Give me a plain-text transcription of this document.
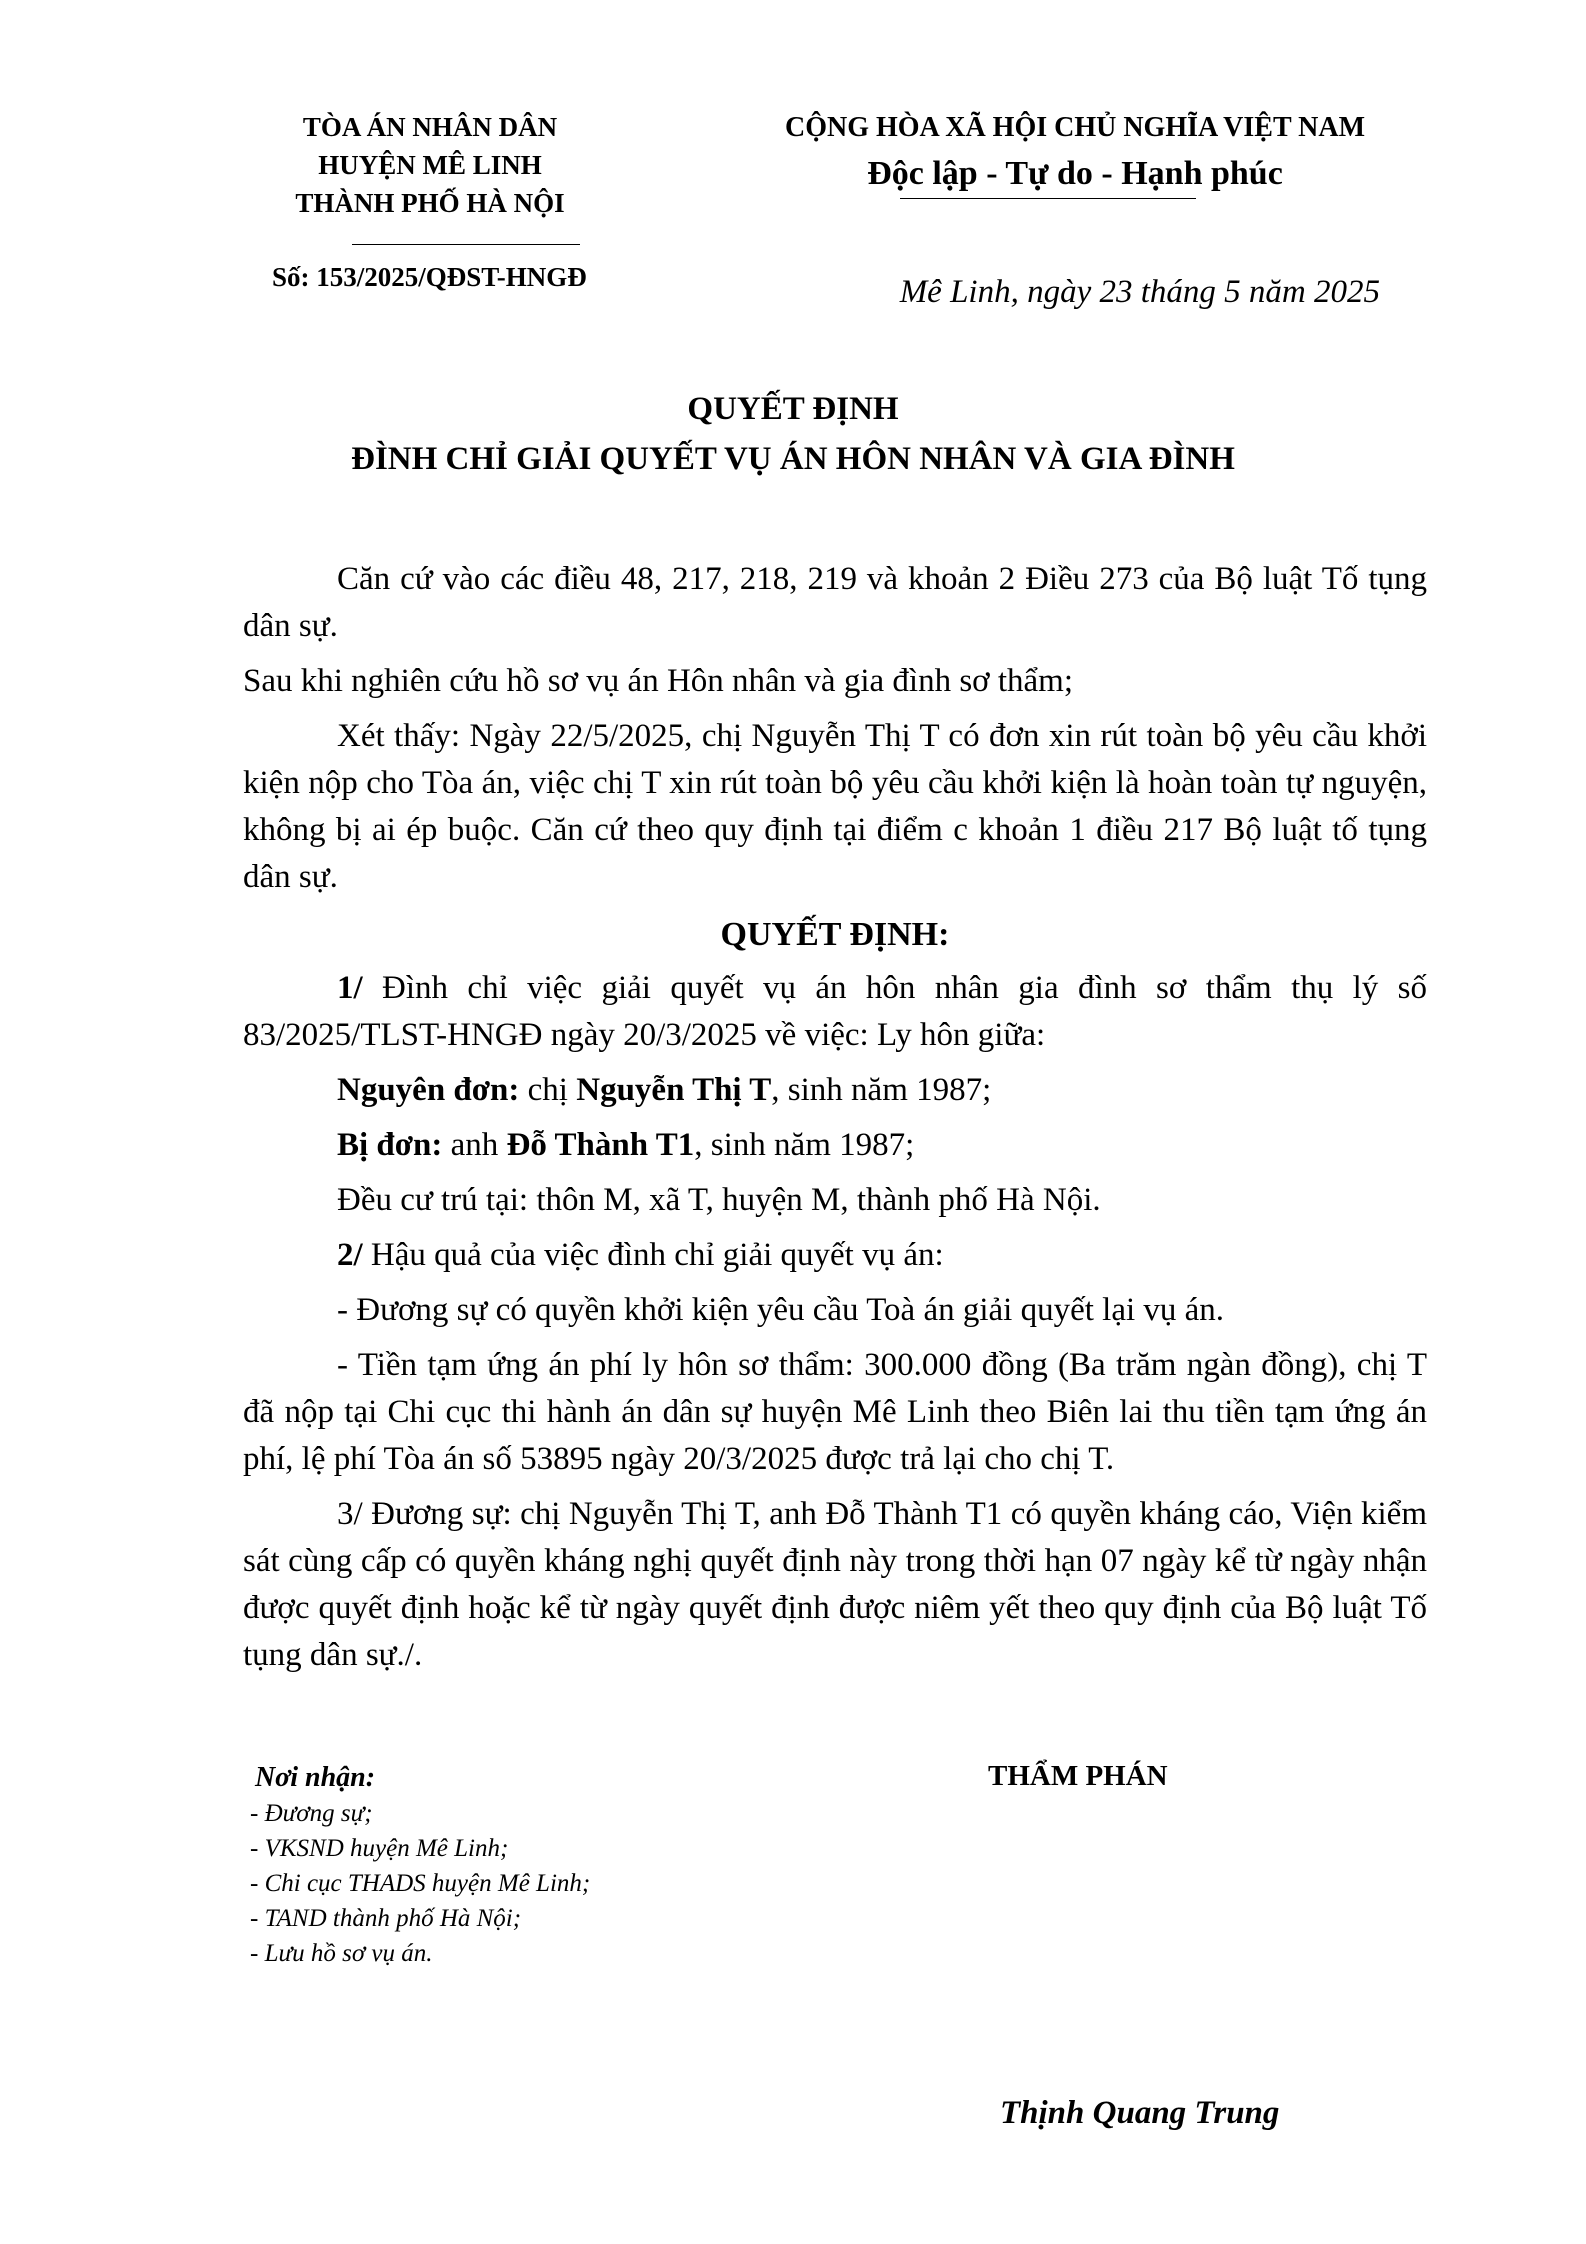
TÒA ÁN NHÂN DÂN
HUYỆN MÊ LINH
THÀNH PHỐ HÀ NỘI
Số: 153/2025/QĐST-HNGĐ
CỘNG HÒA XÃ HỘI CHỦ NGHĨA VIỆT NAM
Độc lập - Tự do - Hạnh phúc
Mê Linh, ngày 23 tháng 5 năm 2025
QUYẾT ĐỊNH
ĐÌNH CHỈ GIẢI QUYẾT VỤ ÁN HÔN NHÂN VÀ GIA ĐÌNH

Căn cứ vào các điều 48, 217, 218, 219 và khoản 2 Điều 273 của Bộ luật Tố tụng dân sự.

Sau khi nghiên cứu hồ sơ vụ án Hôn nhân và gia đình sơ thẩm;

Xét thấy: Ngày 22/5/2025, chị Nguyễn Thị T có đơn xin rút toàn bộ yêu cầu khởi kiện nộp cho Tòa án, việc chị T xin rút toàn bộ yêu cầu khởi kiện là hoàn toàn tự nguyện, không bị ai ép buộc. Căn cứ theo quy định tại điểm c khoản 1 điều 217 Bộ luật tố tụng dân sự.

QUYẾT ĐỊNH:

1/ Đình chỉ việc giải quyết vụ án hôn nhân gia đình sơ thẩm thụ lý số 83/2025/TLST-HNGĐ ngày 20/3/2025 về việc: Ly hôn giữa:

Nguyên đơn: chị Nguyễn Thị T, sinh năm 1987;

Bị đơn: anh Đỗ Thành T1, sinh năm 1987;

Đều cư trú tại: thôn M, xã T, huyện M, thành phố Hà Nội.

2/ Hậu quả của việc đình chỉ giải quyết vụ án:

- Đương sự có quyền khởi kiện yêu cầu Toà án giải quyết lại vụ án.

- Tiền tạm ứng án phí ly hôn sơ thẩm: 300.000 đồng (Ba trăm ngàn đồng), chị T đã nộp tại Chi cục thi hành án dân sự huyện Mê Linh theo Biên lai thu tiền tạm ứng án phí, lệ phí Tòa án số 53895 ngày 20/3/2025 được trả lại cho chị T.

3/ Đương sự: chị Nguyễn Thị T, anh Đỗ Thành T1 có quyền kháng cáo, Viện kiểm sát cùng cấp có quyền kháng nghị quyết định này trong thời hạn 07 ngày kể từ ngày nhận được quyết định hoặc kể từ ngày quyết định được niêm yết theo quy định của Bộ luật Tố tụng dân sự./.

Nơi nhận:
- Đương sự;
- VKSND huyện Mê Linh;
- Chi cục THADS huyện Mê Linh;
- TAND thành phố Hà Nội;
- Lưu hồ sơ vụ án.
THẨM PHÁN
Thịnh Quang Trung
